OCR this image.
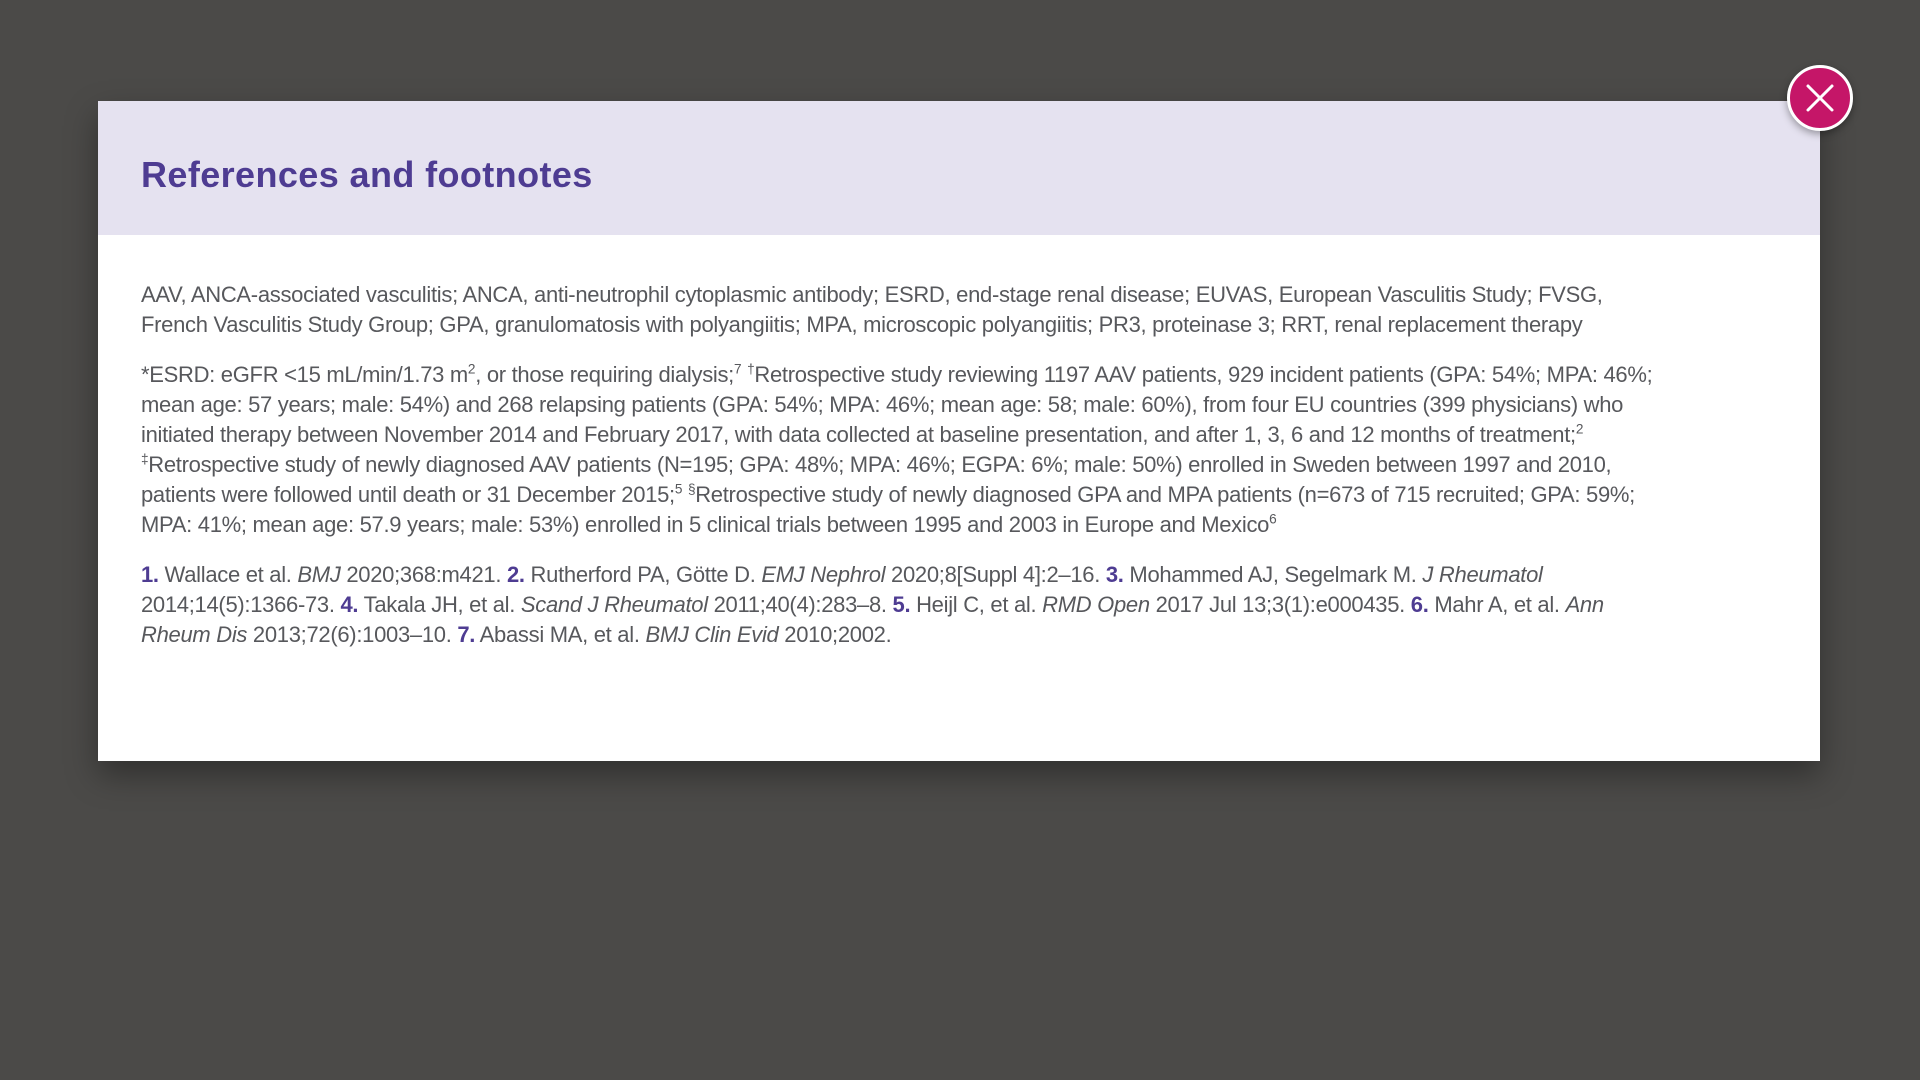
References and footnotes

AAV, ANCA-associated vasculitis; ANCA, anti-neutrophil cytoplasmic antibody; ESRD, end-stage renal disease; EUVAS, European Vasculitis Study; FVSG, French Vasculitis Study Group; GPA, granulomatosis with polyangiitis; MPA, microscopic polyangiitis; PR3, proteinase 3; RRT, renal replacement therapy

*ESRD: eGFR <15 mL/min/1.73 $m^2$, or those requiring dialysis;$^7$ †Retrospective study reviewing 1197 AAV patients, 929 incident patients (GPA: 54%; MPA: 46%; mean age: 57 years; male: 54%) and 268 relapsing patients (GPA: 54%; MPA: 46%; mean age: 58; male: 60%), from four EU countries (399 physicians) who initiated therapy between November 2014 and February 2017, with data collected at baseline presentation, and after 1, 3, 6 and 12 months of treatment;$^2$ ‡Retrospective study of newly diagnosed AAV patients (N=195; GPA: 48%; MPA: 46%; EGPA: 6%; male: 50%) enrolled in Sweden between 1997 and 2010, patients were followed until death or 31 December 2015;$^5$ §Retrospective study of newly diagnosed GPA and MPA patients (n=673 of 715 recruited; GPA: 59%; MPA: 41%; mean age: 57.9 years; male: 53%) enrolled in 5 clinical trials between 1995 and 2003 in Europe and Mexico$^6$

1. Wallace et al. BMJ 2020;368:m421. 2. Rutherford PA, Götte D. EMJ Nephrol 2020;8[Suppl 4]:2–16. 3. Mohammed AJ, Segelmark M. J Rheumatol 2014;14(5):1366-73. 4. Takala JH, et al. Scand J Rheumatol 2011;40(4):283–8. 5. Heijl C, et al. RMD Open 2017 Jul 13;3(1):e000435. 6. Mahr A, et al. Ann Rheum Dis 2013;72(6):1003–10. 7. Abassi MA, et al. BMJ Clin Evid 2010;2002.
